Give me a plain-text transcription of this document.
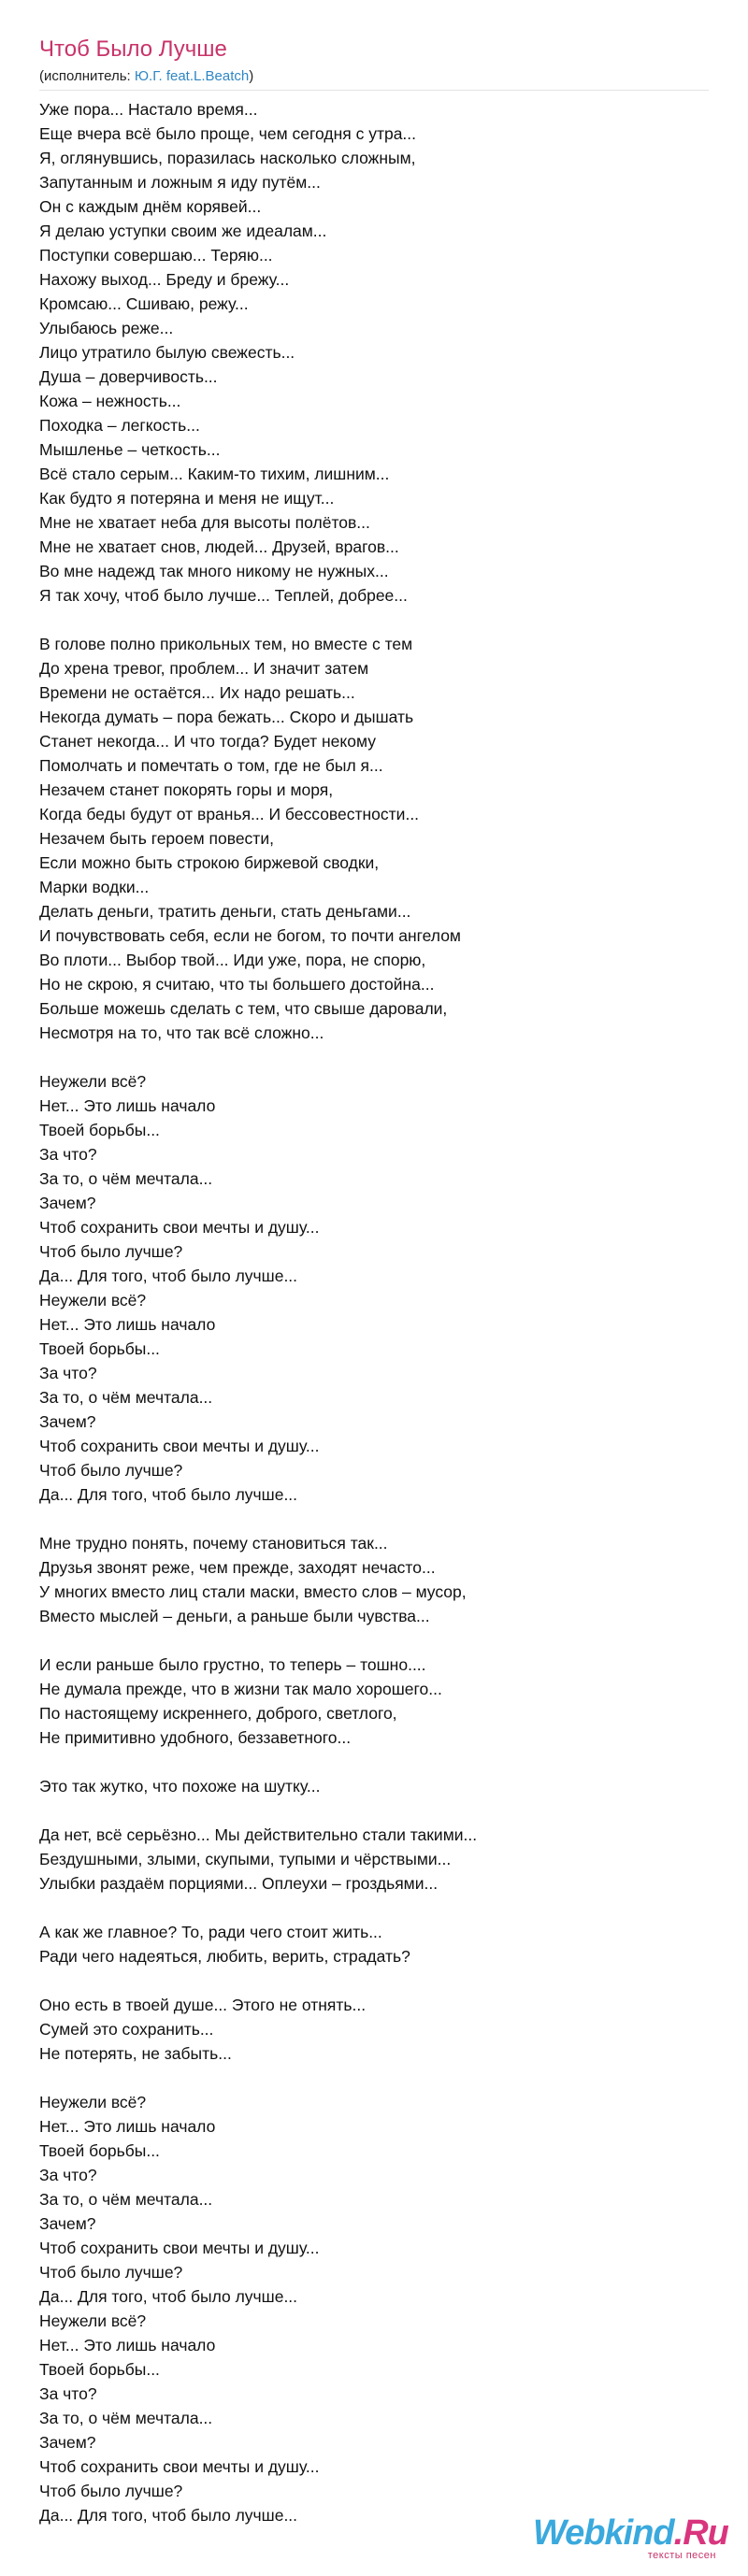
Чтоб Было Лучше
(исполнитель: Ю.Г. feat.L.Beatch)
Уже пора... Настало время...
Еще вчера всё было проще, чем сегодня с утра...
Я, оглянувшись, поразилась насколько сложным,
Запутанным и ложным я иду путём...
Он с каждым днём корявей...
Я делаю уступки своим же идеалам...
Поступки совершаю... Теряю...
Нахожу выход... Бреду и брежу...
Кромсаю... Сшиваю, режу...
Улыбаюсь реже...
Лицо утратило былую свежесть...
Душа – доверчивость...
Кожа – нежность...
Походка – легкость...
Мышленье – четкость...
Всё стало серым... Каким-то тихим, лишним...
Как будто я потеряна и меня не ищут...
Мне не хватает неба для высоты полётов...
Мне не хватает снов, людей... Друзей, врагов...
Во мне надежд так много никому не нужных...
Я так хочу, чтоб было лучше... Теплей, добрее...
В голове полно прикольных тем, но вместе с тем
До хрена тревог, проблем... И значит затем
Времени не остаётся... Их надо решать...
Некогда думать – пора бежать... Скоро и дышать
Станет некогда... И что тогда? Будет некому
Помолчать и помечтать о том, где не был я...
Незачем станет покорять горы и моря,
Когда беды будут от вранья... И бессовестности...
Незачем быть героем повести,
Если можно быть строкою биржевой сводки,
Марки водки...
Делать деньги, тратить деньги, стать деньгами...
И почувствовать себя, если не богом, то почти ангелом
Во плоти... Выбор твой... Иди уже, пора, не спорю,
Но не скрою, я считаю, что ты большего достойна...
Больше можешь сделать с тем, что свыше даровали,
Несмотря на то, что так всё сложно...
Неужели всё?
Нет... Это лишь начало
Твоей борьбы...
За что?
За то, о чём мечтала...
Зачем?
Чтоб сохранить свои мечты и душу...
Чтоб было лучше?
Да... Для того, чтоб было лучше...
Неужели всё?
Нет... Это лишь начало
Твоей борьбы...
За что?
За то, о чём мечтала...
Зачем?
Чтоб сохранить свои мечты и душу...
Чтоб было лучше?
Да... Для того, чтоб было лучше...
Мне трудно понять, почему становиться так...
Друзья звонят реже, чем прежде, заходят нечасто...
У многих вместо лиц стали маски, вместо слов – мусор,
Вместо мыслей – деньги, а раньше были чувства...
И если раньше было грустно, то теперь – тошно....
Не думала прежде, что в жизни так мало хорошего...
По настоящему искреннего, доброго, светлого,
Не примитивно удобного, беззаветного...
Это так жутко, что похоже на шутку...
Да нет, всё серьёзно... Мы действительно стали такими...
Бездушными, злыми, скупыми, тупыми и чёрствыми...
Улыбки раздаём порциями... Оплеухи – гроздьями...
А как же главное? То, ради чего стоит жить...
Ради чего надеяться, любить, верить, страдать?
Оно есть в твоей душе... Этого не отнять...
Сумей это сохранить...
Не потерять, не забыть...
Неужели всё?
Нет... Это лишь начало
Твоей борьбы...
За что?
За то, о чём мечтала...
Зачем?
Чтоб сохранить свои мечты и душу...
Чтоб было лучше?
Да... Для того, чтоб было лучше...
Неужели всё?
Нет... Это лишь начало
Твоей борьбы...
За что?
За то, о чём мечтала...
Зачем?
Чтоб сохранить свои мечты и душу...
Чтоб было лучше?
Да... Для того, чтоб было лучше...	Webkind.Ru
тексты песен
